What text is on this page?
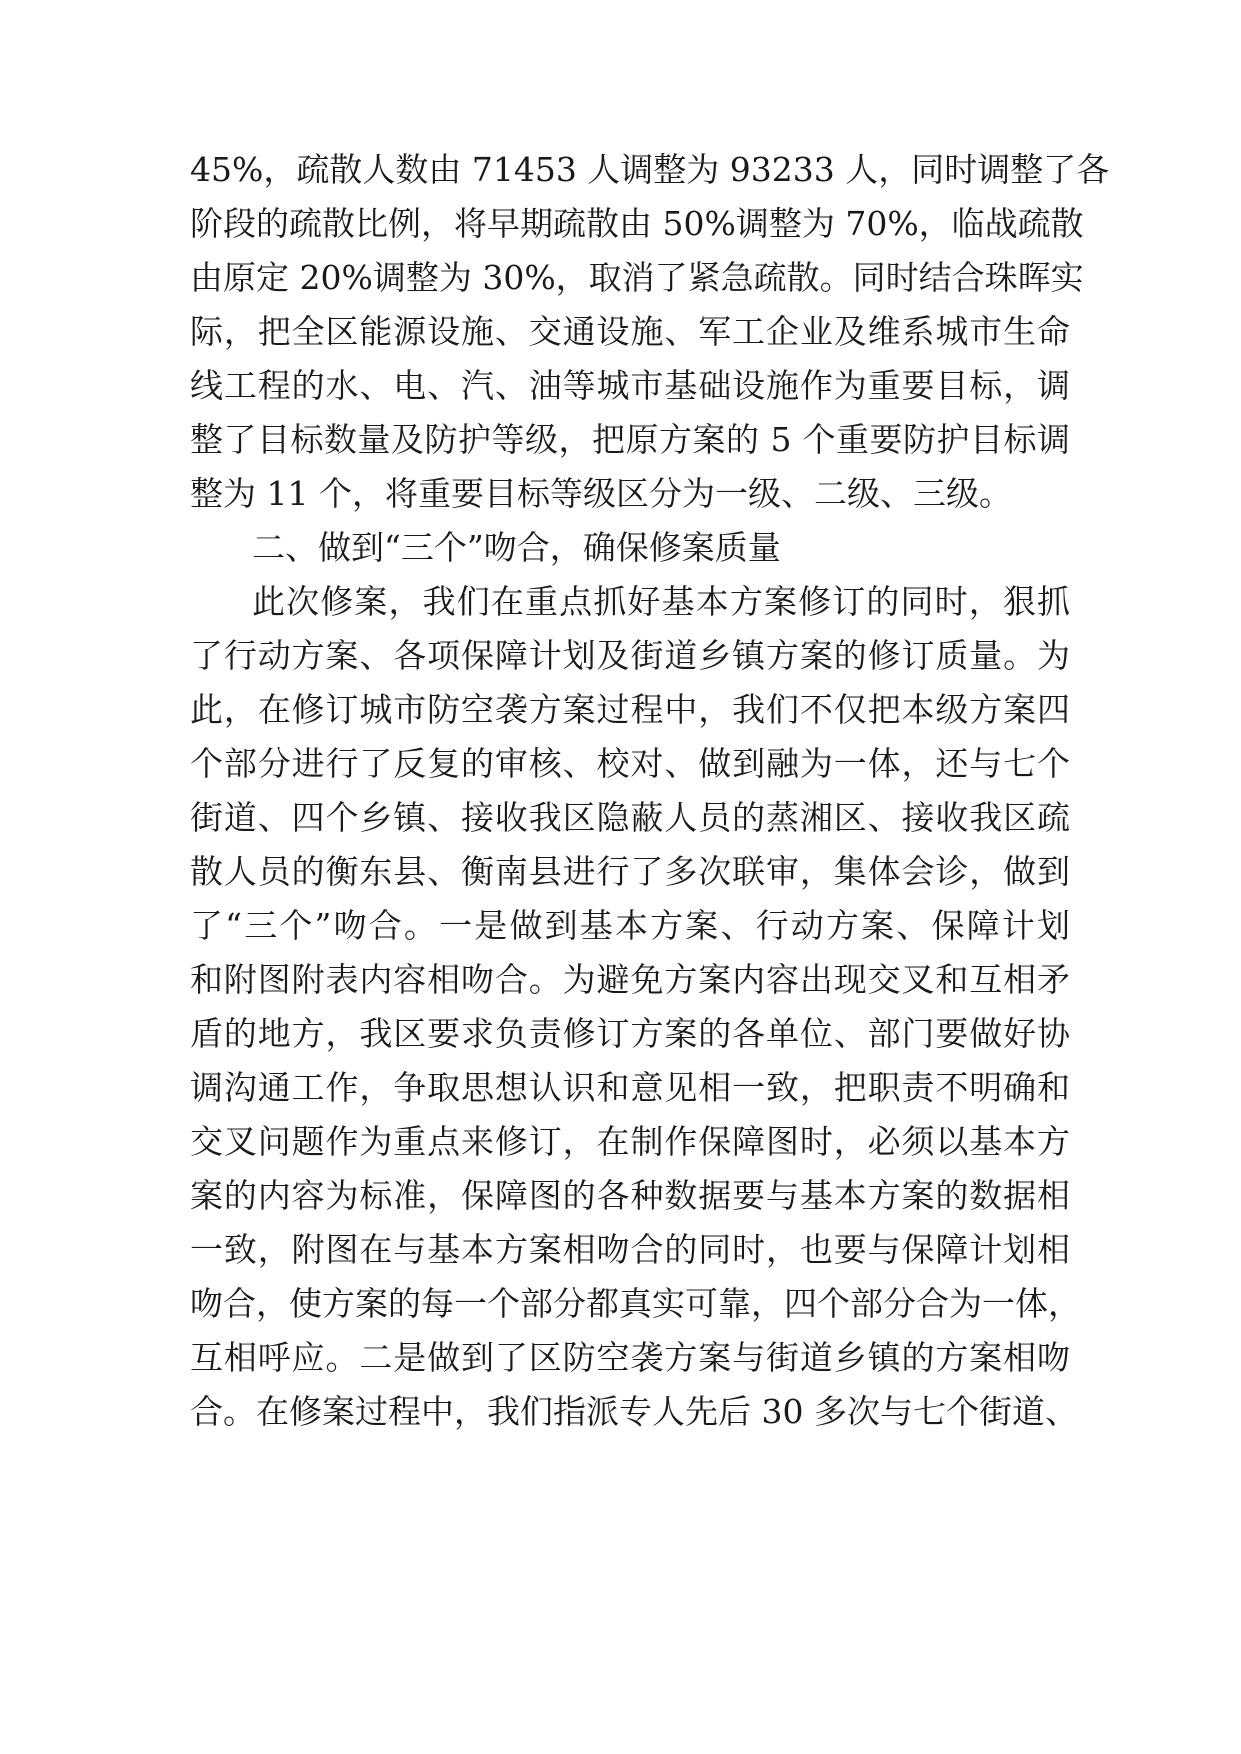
45%，疏散人数由 71453 人调整为 93233 人，同时调整了各
阶段的疏散比例，将早期疏散由 50%调整为 70%，临战疏散
由原定 20%调整为 30%，取消了紧急疏散。同时结合珠晖实
际，把全区能源设施、交通设施、军工企业及维系城市生命
线工程的水、电、汽、油等城市基础设施作为重要目标，调
整了目标数量及防护等级，把原方案的 5 个重要防护目标调
整为 11 个，将重要目标等级区分为一级、二级、三级。
二、做到“三个”吻合，确保修案质量
此次修案，我们在重点抓好基本方案修订的同时，狠抓
了行动方案、各项保障计划及街道乡镇方案的修订质量。为
此，在修订城市防空袭方案过程中，我们不仅把本级方案四
个部分进行了反复的审核、校对、做到融为一体，还与七个
街道、四个乡镇、接收我区隐蔽人员的蒸湘区、接收我区疏
散人员的衡东县、衡南县进行了多次联审，集体会诊，做到
了“三个”吻合。一是做到基本方案、行动方案、保障计划
和附图附表内容相吻合。为避免方案内容出现交叉和互相矛
盾的地方，我区要求负责修订方案的各单位、部门要做好协
调沟通工作，争取思想认识和意见相一致，把职责不明确和
交叉问题作为重点来修订，在制作保障图时，必须以基本方
案的内容为标准，保障图的各种数据要与基本方案的数据相
一致，附图在与基本方案相吻合的同时，也要与保障计划相
吻合，使方案的每一个部分都真实可靠，四个部分合为一体，
互相呼应。二是做到了区防空袭方案与街道乡镇的方案相吻
合。在修案过程中，我们指派专人先后 30 多次与七个街道、
